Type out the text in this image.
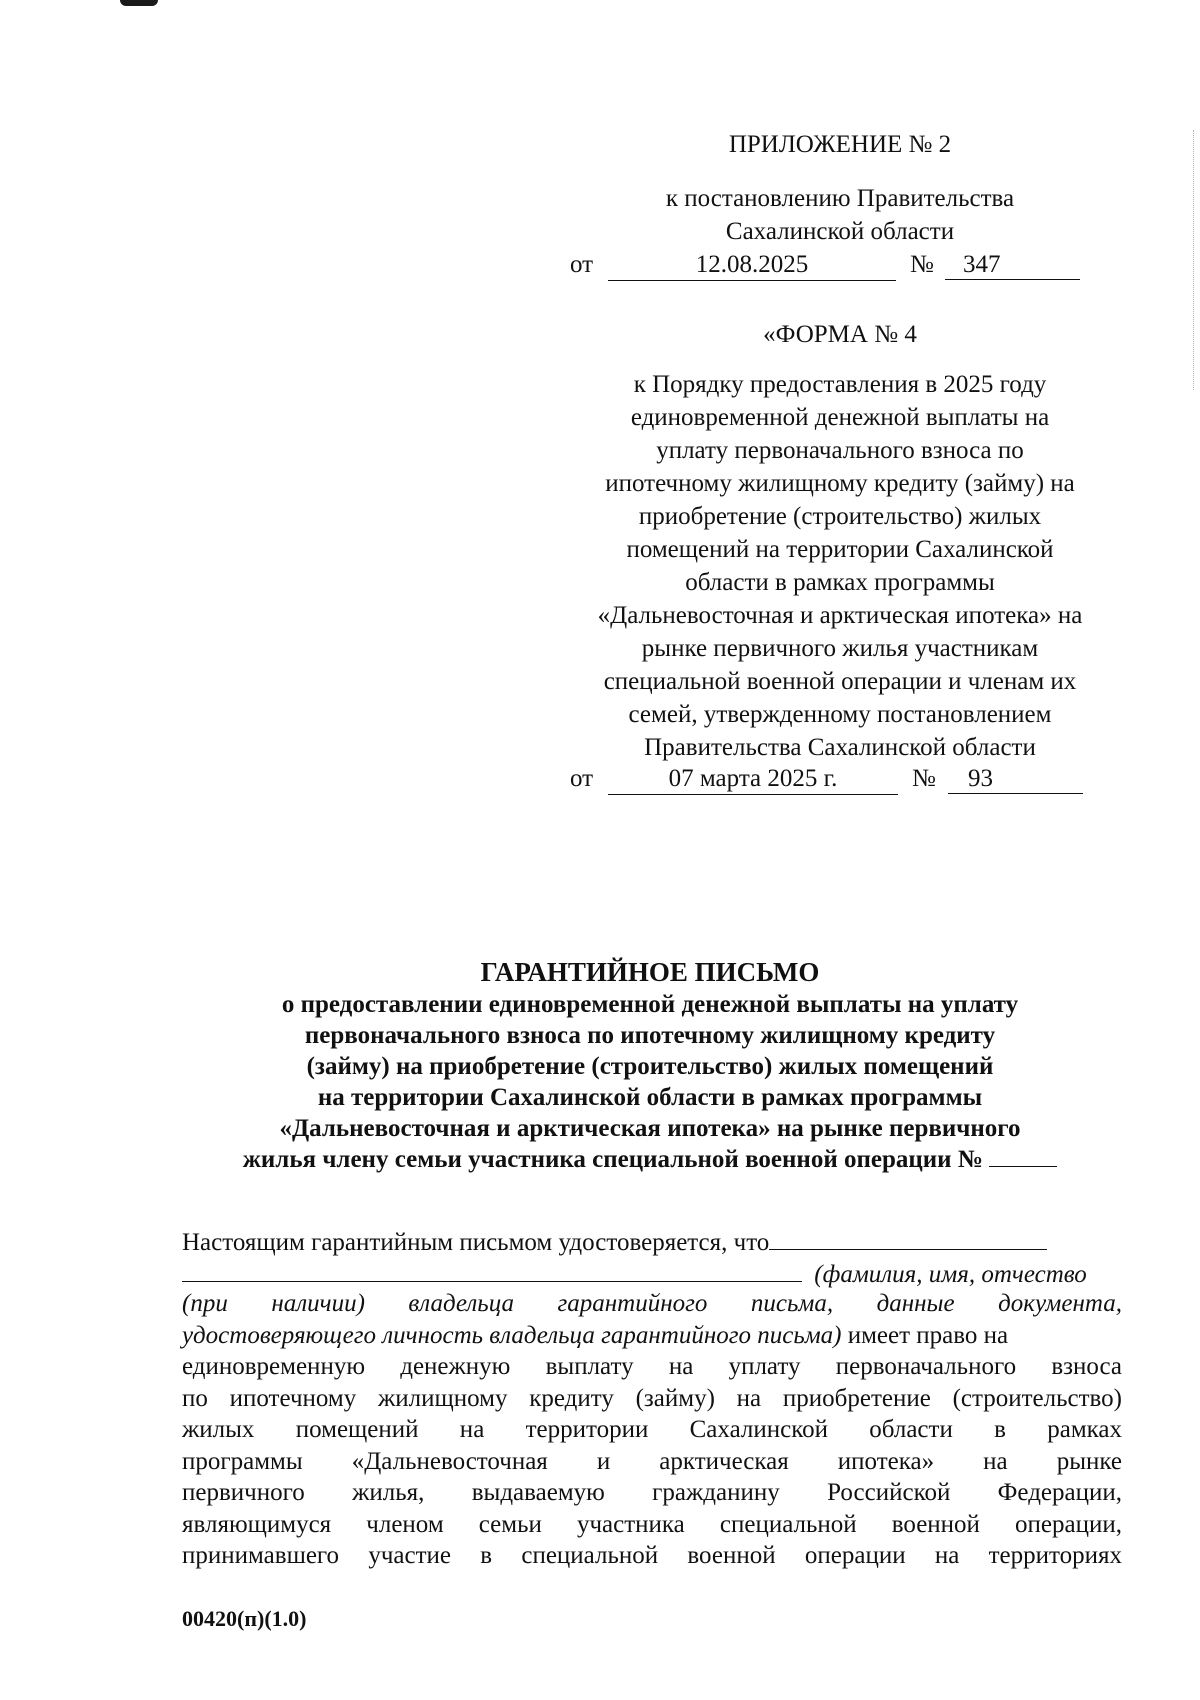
ПРИЛОЖЕНИЕ № 2

к постановлению Правительства
Сахалинской области
от	12.08.2025	№	347

«ФОРМА № 4

к Порядку предоставления в 2025 году
единовременной денежной выплаты на
уплату первоначального взноса по
ипотечному жилищному кредиту (займу) на
приобретение (строительство) жилых
помещений на территории Сахалинской
области в рамках программы
«Дальневосточная и арктическая ипотека» на
рынке первичного жилья участникам
специальной военной операции и членам их
семей, утвержденному постановлением
Правительства Сахалинской области
от	07 марта 2025 г.	№	93
ГАРАНТИЙНОЕ ПИСЬМО
о предоставлении единовременной денежной выплаты на уплату
первоначального взноса по ипотечному жилищному кредиту
(займу) на приобретение (строительство) жилых помещений
на территории Сахалинской области в рамках программы
«Дальневосточная и арктическая ипотека» на рынке первичного
жилья члену семьи участника специальной военной операции №
Настоящим гарантийным письмом удостоверяется, что
(фамилия, имя, отчество
(при наличии) владельца гарантийного письма, данные документа,
удостоверяющего личность владельца гарантийного письма) имеет право на
единовременную денежную выплату на уплату первоначального взноса
по ипотечному жилищному кредиту (займу) на приобретение (строительство)
жилых помещений на территории Сахалинской области в рамках
программы «Дальневосточная и арктическая ипотека» на рынке
первичного жилья, выдаваемую гражданину Российской Федерации,
являющимуся членом семьи участника специальной военной операции,
принимавшего участие в специальной военной операции на территориях
00420(п)(1.0)
